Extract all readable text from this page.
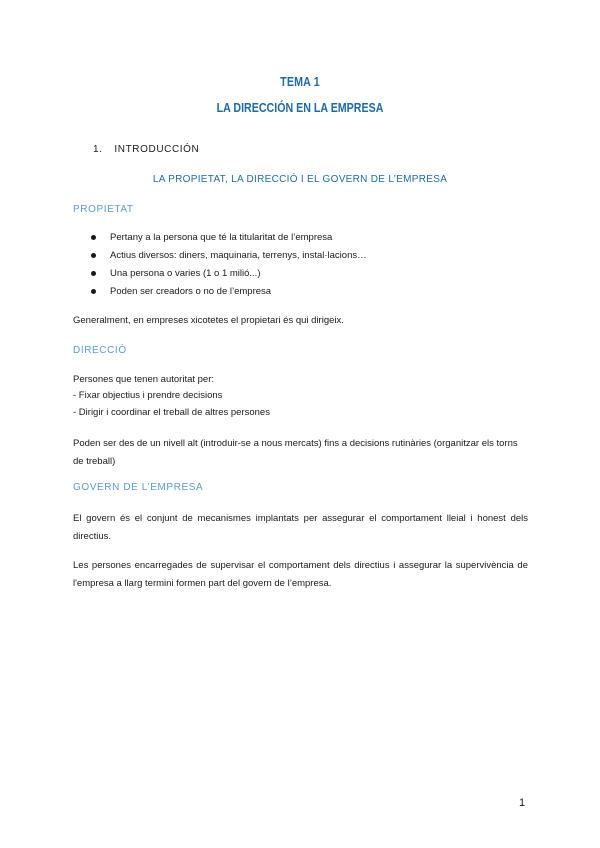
TEMA 1
LA DIRECCIÓN EN LA EMPRESA
1. INTRODUCCIÓN
LA PROPIETAT, LA DIRECCIÓ I EL GOVERN DE L’EMPRESA
PROPIETAT
Pertany a la persona que té la titularitat de l’empresa
Actius diversos: diners, maquinaria, terrenys, instal·lacions…
Una persona o varies (1 o 1 milió...)
Poden ser creadors o no de l’empresa
Generalment, en empreses xicotetes el propietari és qui dirigeix.
DIRECCIÓ
Persones que tenen autoritat per:
- Fixar objectius i prendre decisions
- Dirigir i coordinar el treball de altres persones
Poden ser des de un nivell alt (introduir-se a nous mercats) fins a decisions rutinàries (organitzar els torns de treball)
GOVERN DE L’EMPRESA
El govern és el conjunt de mecanismes implantats per assegurar el comportament lleial i honest dels directius.
Les persones encarregades de supervisar el comportament dels directius i assegurar la supervivència de l'empresa a llarg termini formen part del govern de l’empresa.
1
